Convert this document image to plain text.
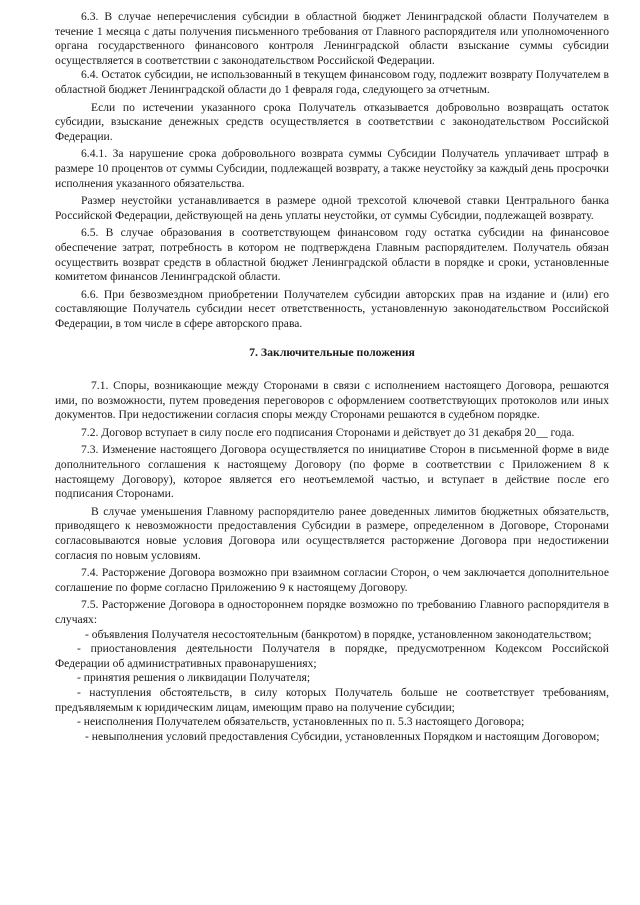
6.3. В случае неперечисления субсидии в областной бюджет Ленинградской области Получателем в течение 1 месяца с даты получения письменного требования от Главного распорядителя или уполномоченного органа государственного финансового контроля Ленинградской области взыскание суммы субсидии осуществляется в соответствии с законодательством Российской Федерации.

6.4. Остаток субсидии, не использованный в текущем финансовом году, подлежит возврату Получателем в областной бюджет Ленинградской области до 1 февраля года, следующего за отчетным.

Если по истечении указанного срока Получатель отказывается добровольно возвращать остаток субсидии, взыскание денежных средств осуществляется в соответствии с законодательством Российской Федерации.

6.4.1. За нарушение срока добровольного возврата суммы Субсидии Получатель уплачивает штраф в размере 10 процентов от суммы Субсидии, подлежащей возврату, а также неустойку за каждый день просрочки исполнения указанного обязательства.

Размер неустойки устанавливается в размере одной трехсотой ключевой ставки Центрального банка Российской Федерации, действующей на день уплаты неустойки, от суммы Субсидии, подлежащей возврату.

6.5. В случае образования в соответствующем финансовом году остатка субсидии на финансовое обеспечение затрат, потребность в котором не подтверждена Главным распорядителем. Получатель обязан осуществить возврат средств в областной бюджет Ленинградской области в порядке и сроки, установленные комитетом финансов Ленинградской области.

6.6. При безвозмездном приобретении Получателем субсидии авторских прав на издание и (или) его составляющие Получатель субсидии несет ответственность, установленную законодательством Российской Федерации, в том числе в сфере авторского права.

7. Заключительные положения

7.1. Споры, возникающие между Сторонами в связи с исполнением настоящего Договора, решаются ими, по возможности, путем проведения переговоров с оформлением соответствующих протоколов или иных документов. При недостижении согласия споры между Сторонами решаются в судебном порядке.

7.2. Договор вступает в силу после его подписания Сторонами и действует до 31 декабря 20__ года.

7.3. Изменение настоящего Договора осуществляется по инициативе Сторон в письменной форме в виде дополнительного соглашения к настоящему Договору (по форме в соответствии с Приложением 8 к настоящему Договору), которое является его неотъемлемой частью, и вступает в действие после его подписания Сторонами.

В случае уменьшения Главному распорядителю ранее доведенных лимитов бюджетных обязательств, приводящего к невозможности предоставления Субсидии в размере, определенном в Договоре, Сторонами согласовываются новые условия Договора или осуществляется расторжение Договора при недостижении согласия по новым условиям.

7.4. Расторжение Договора возможно при взаимном согласии Сторон, о чем заключается дополнительное соглашение по форме согласно Приложению 9 к настоящему Договору.

7.5. Расторжение Договора в одностороннем порядке возможно по требованию Главного распорядителя в случаях:

- объявления Получателя несостоятельным (банкротом) в порядке, установленном законодательством;

- приостановления деятельности Получателя в порядке, предусмотренном Кодексом Российской Федерации об административных правонарушениях;

- принятия решения о ликвидации Получателя;

- наступления обстоятельств, в силу которых Получатель больше не соответствует требованиям, предъявляемым к юридическим лицам, имеющим право на получение субсидии;

- неисполнения Получателем обязательств, установленных по п. 5.3 настоящего Договора;

- невыполнения условий предоставления Субсидии, установленных Порядком и настоящим Договором;
